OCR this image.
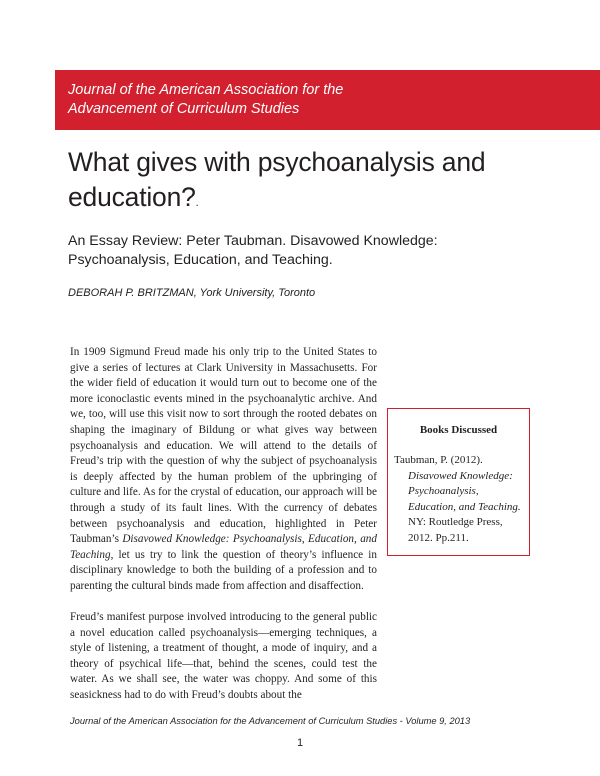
Journal of the American Association for the
Advancement of Curriculum Studies
What gives with psychoanalysis and education?.
An Essay Review: Peter Taubman. Disavowed Knowledge:
Psychoanalysis, Education, and Teaching.
DEBORAH P. BRITZMAN, York University, Toronto

In 1909 Sigmund Freud made his only trip to the United States to give a series of lectures at Clark University in Massachusetts. For the wider field of education it would turn out to become one of the more iconoclastic events mined in the psychoanalytic archive. And we, too, will use this visit now to sort through the rooted debates on shaping the imaginary of Bildung or what gives way between psychoanalysis and education. We will attend to the details of Freud’s trip with the question of why the subject of psychoanalysis is deeply affected by the human problem of the upbringing of culture and life. As for the crystal of education, our approach will be through a study of its fault lines. With the currency of debates between psychoanalysis and education, highlighted in Peter Taubman’s Disavowed Knowledge: Psychoanalysis, Education, and Teaching, let us try to link the question of theory’s influence in disciplinary knowledge to both the building of a profession and to parenting the cultural binds made from affection and disaffection.

Freud’s manifest purpose involved introducing to the general public a novel education called psychoanalysis—emerging techniques, a style of listening, a treatment of thought, a mode of inquiry, and a theory of psychical life—that, behind the scenes, could test the water. As we shall see, the water was choppy. And some of this seasickness had to do with Freud’s doubts about the

Books Discussed
Taubman, P. (2012).
Disavowed Knowledge:
Psychoanalysis,
Education, and Teaching.
NY: Routledge Press,
2012. Pp.211.
Journal of the American Association for the Advancement of Curriculum Studies - Volume 9, 2013
1
